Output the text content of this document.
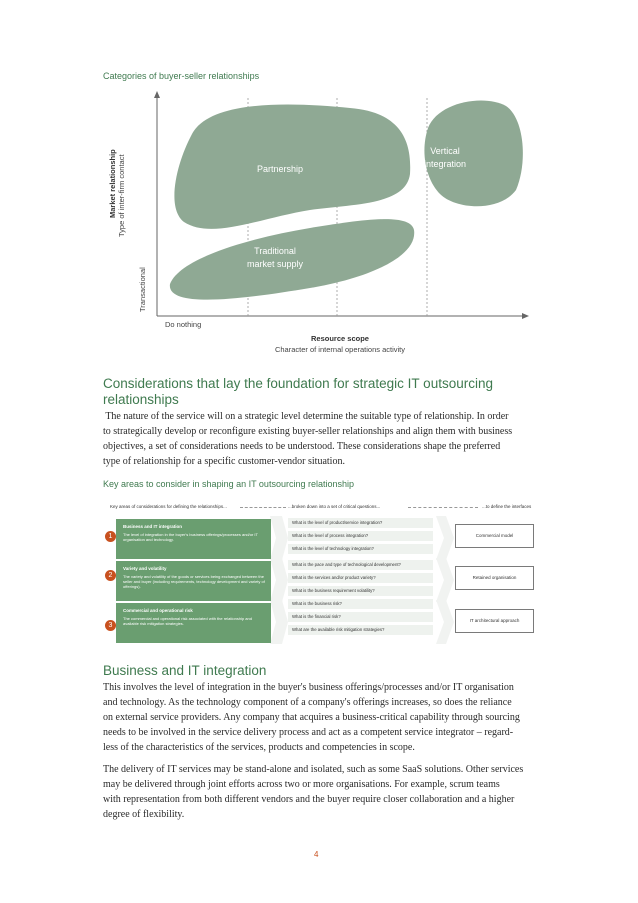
Categories of buyer-seller relationships
Partnership
Vertical
integration
Traditional
market supply
Market relationship Type of inter-firm contact
Transactional
Do nothing
Resource scope
Character of internal operations activity
Considerations that lay the foundation for strategic IT outsourcing
relationships
The nature of the service will on a strategic level determine the suitable type of relationship. In order
to strategically develop or reconfigure existing buyer-seller relationships and align them with business
objectives, a set of considerations needs to be understood. These considerations shape the preferred
type of relationship for a specific customer-vendor situation.
Key areas to consider in shaping an IT outsourcing relationship
Key areas of considerations for defining the relationships...	...broken down into a set of critical questions...	...to define the interfaces
Business and IT integration
The level of integration in the buyer's business offerings/processes and/or IT organisation and technology.
1
What is the level of product/service integration?
What is the level of process integration?
What is the level of technology integration?
Commercial model
Variety and volatility
The variety and volatility of the goods or services being exchanged between the seller and buyer (including requirements, technology development and variety of offerings).
2
What is the pace and type of technological development?
What is the services and/or product variety?
What is the business requirement volatility?
Retained organisation
Commercial and operational risk
The commercial and operational risk associated with the relationship and available risk mitigation strategies.
3
What is the business risk?
What is the financial risk?
What are the available risk mitigation strategies?
IT architectural approach
Business and IT integration
This involves the level of integration in the buyer's business offerings/processes and/or IT organisation
and technology. As the technology component of a company's offerings increases, so does the reliance
on external service providers. Any company that acquires a business-critical capability through sourcing
needs to be involved in the service delivery process and act as a competent service integrator – regard-
less of the characteristics of the services, products and competencies in scope.
The delivery of IT services may be stand-alone and isolated, such as some SaaS solutions. Other services
may be delivered through joint efforts across two or more organisations. For example, scrum teams
with representation from both different vendors and the buyer require closer collaboration and a higher
degree of flexibility.
4
